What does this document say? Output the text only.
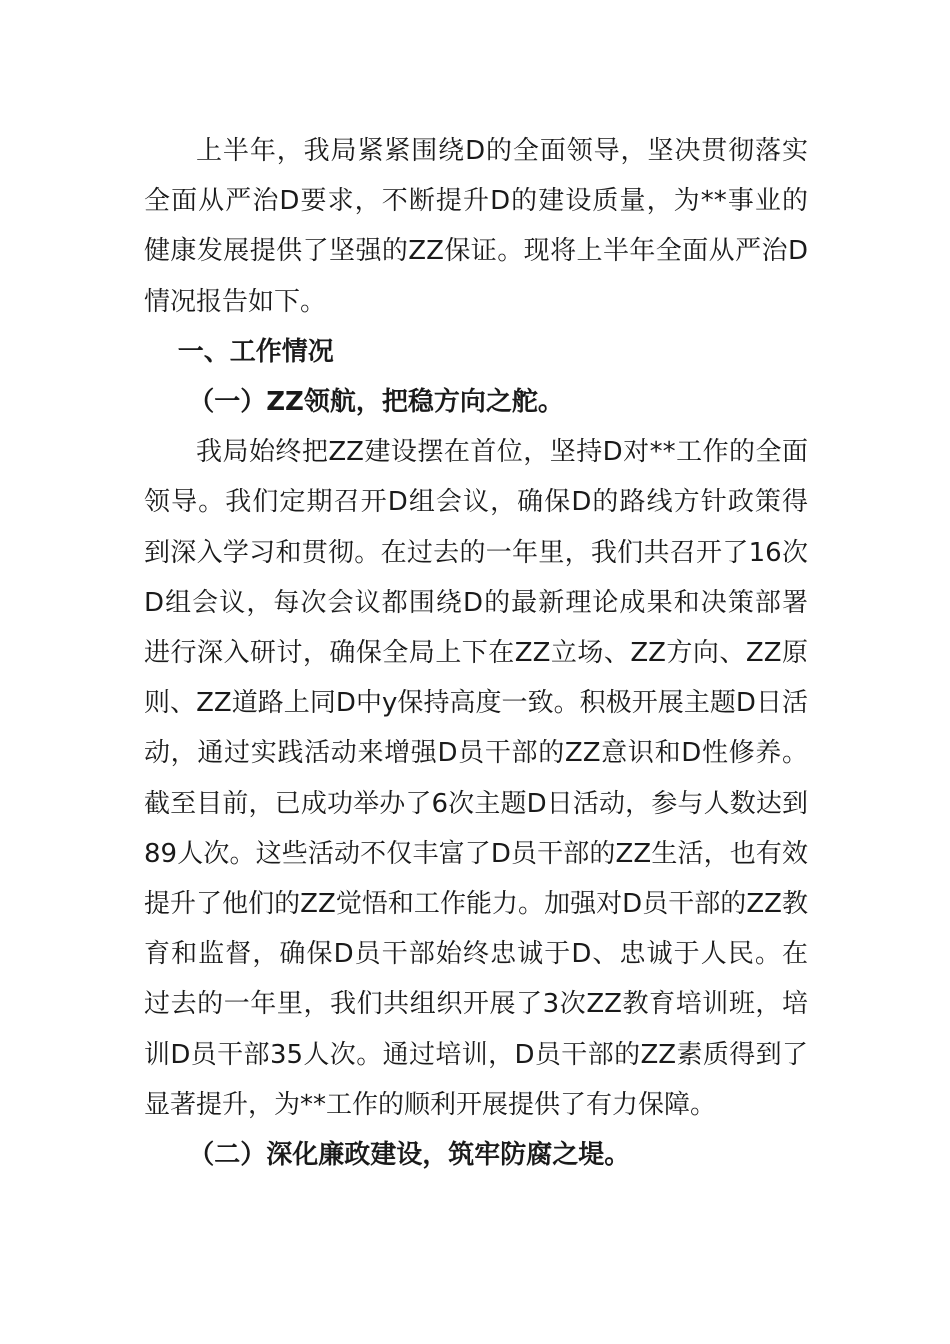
上半年，我局紧紧围绕D的全面领导，坚决贯彻落实全面从严治D要求，不断提升D的建设质量，为**事业的健康发展提供了坚强的ZZ保证。现将上半年全面从严治D情况报告如下。

一、工作情况

（一）ZZ领航，把稳方向之舵。

我局始终把ZZ建设摆在首位，坚持D对**工作的全面领导。我们定期召开D组会议，确保D的路线方针政策得到深入学习和贯彻。在过去的一年里，我们共召开了16次D组会议，每次会议都围绕D的最新理论成果和决策部署进行深入研讨，确保全局上下在ZZ立场、ZZ方向、ZZ原则、ZZ道路上同D中y保持高度一致。积极开展主题D日活动，通过实践活动来增强D员干部的ZZ意识和D性修养。截至目前，已成功举办了6次主题D日活动，参与人数达到89人次。这些活动不仅丰富了D员干部的ZZ生活，也有效提升了他们的ZZ觉悟和工作能力。加强对D员干部的ZZ教育和监督，确保D员干部始终忠诚于D、忠诚于人民。在过去的一年里，我们共组织开展了3次ZZ教育培训班，培训D员干部35人次。通过培训，D员干部的ZZ素质得到了显著提升，为**工作的顺利开展提供了有力保障。

（二）深化廉政建设，筑牢防腐之堤。
